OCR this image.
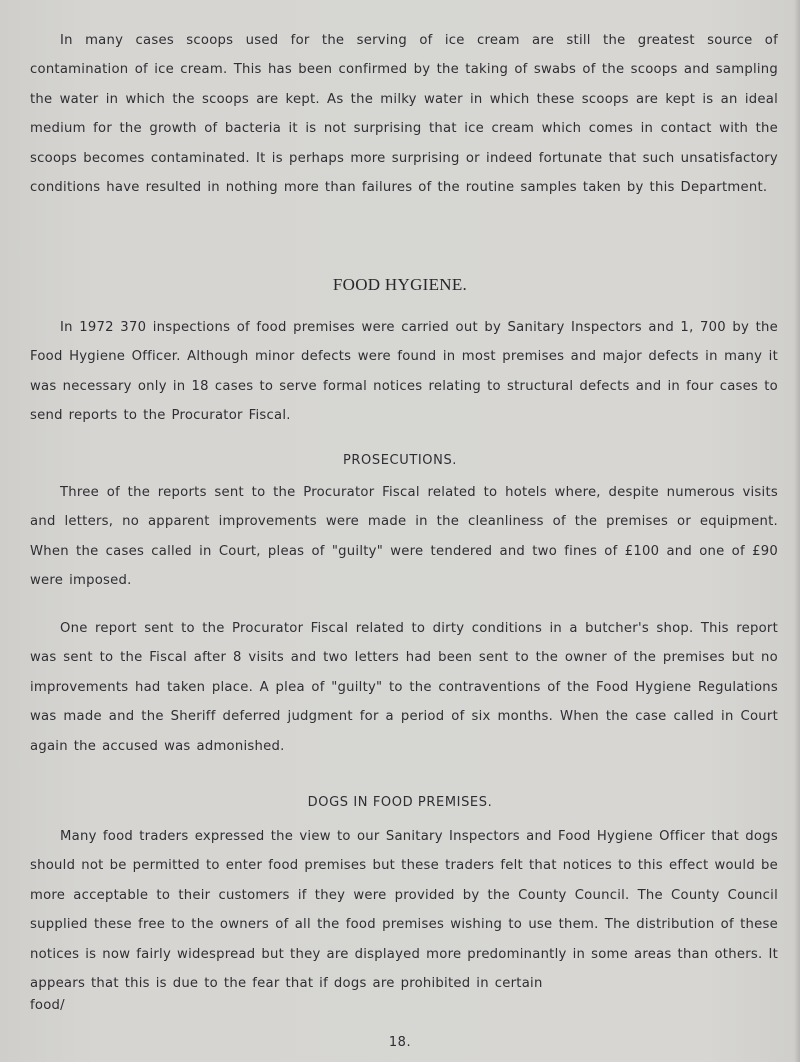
In many cases scoops used for the serving of ice cream are still the greatest source of contamination of ice cream. This has been confirmed by the taking of swabs of the scoops and sampling the water in which the scoops are kept. As the milky water in which these scoops are kept is an ideal medium for the growth of bacteria it is not surprising that ice cream which comes in contact with the scoops becomes contaminated. It is perhaps more surprising or indeed fortunate that such unsatisfactory conditions have resulted in nothing more than failures of the routine samples taken by this Department.

FOOD HYGIENE.

In 1972 370 inspections of food premises were carried out by Sanitary Inspectors and 1, 700 by the Food Hygiene Officer. Although minor defects were found in most premises and major defects in many it was necessary only in 18 cases to serve formal notices relating to structural defects and in four cases to send reports to the Procurator Fiscal.

PROSECUTIONS.

Three of the reports sent to the Procurator Fiscal related to hotels where, despite numerous visits and letters, no apparent improvements were made in the cleanliness of the premises or equipment. When the cases called in Court, pleas of "guilty" were tendered and two fines of £100 and one of £90 were imposed.

One report sent to the Procurator Fiscal related to dirty conditions in a butcher's shop. This report was sent to the Fiscal after 8 visits and two letters had been sent to the owner of the premises but no improvements had taken place. A plea of "guilty" to the contraventions of the Food Hygiene Regulations was made and the Sheriff deferred judgment for a period of six months. When the case called in Court again the accused was admonished.

DOGS IN FOOD PREMISES.

Many food traders expressed the view to our Sanitary Inspectors and Food Hygiene Officer that dogs should not be permitted to enter food premises but these traders felt that notices to this effect would be more acceptable to their customers if they were provided by the County Council. The County Council supplied these free to the owners of all the food premises wishing to use them. The distribution of these notices is now fairly widespread but they are displayed more predominantly in some areas than others. It appears that this is due to the fear that if dogs are prohibited in certain

food/
18.
